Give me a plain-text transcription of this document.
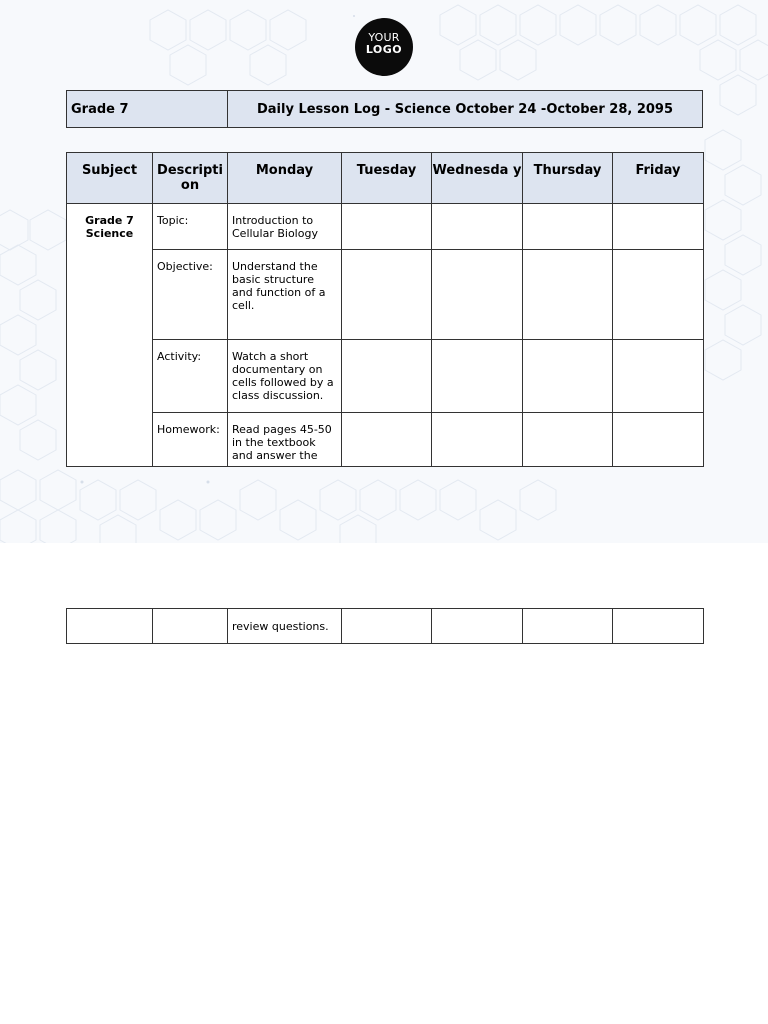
YOUR
LOGO
Grade 7	Daily Lesson Log - Science October 24 -October 28, 2095
Subject	Descripti on	Monday	Tuesday	Wednesda y	Thursday	Friday
Grade 7 Science	Topic:	Introduction to Cellular Biology				
	Objective:	Understand the basic structure and function of a cell.				
	Activity:	Watch a short documentary on cells followed by a class discussion.				
	Homework:	Read pages 45-50 in the textbook and answer the				
		review questions.				
